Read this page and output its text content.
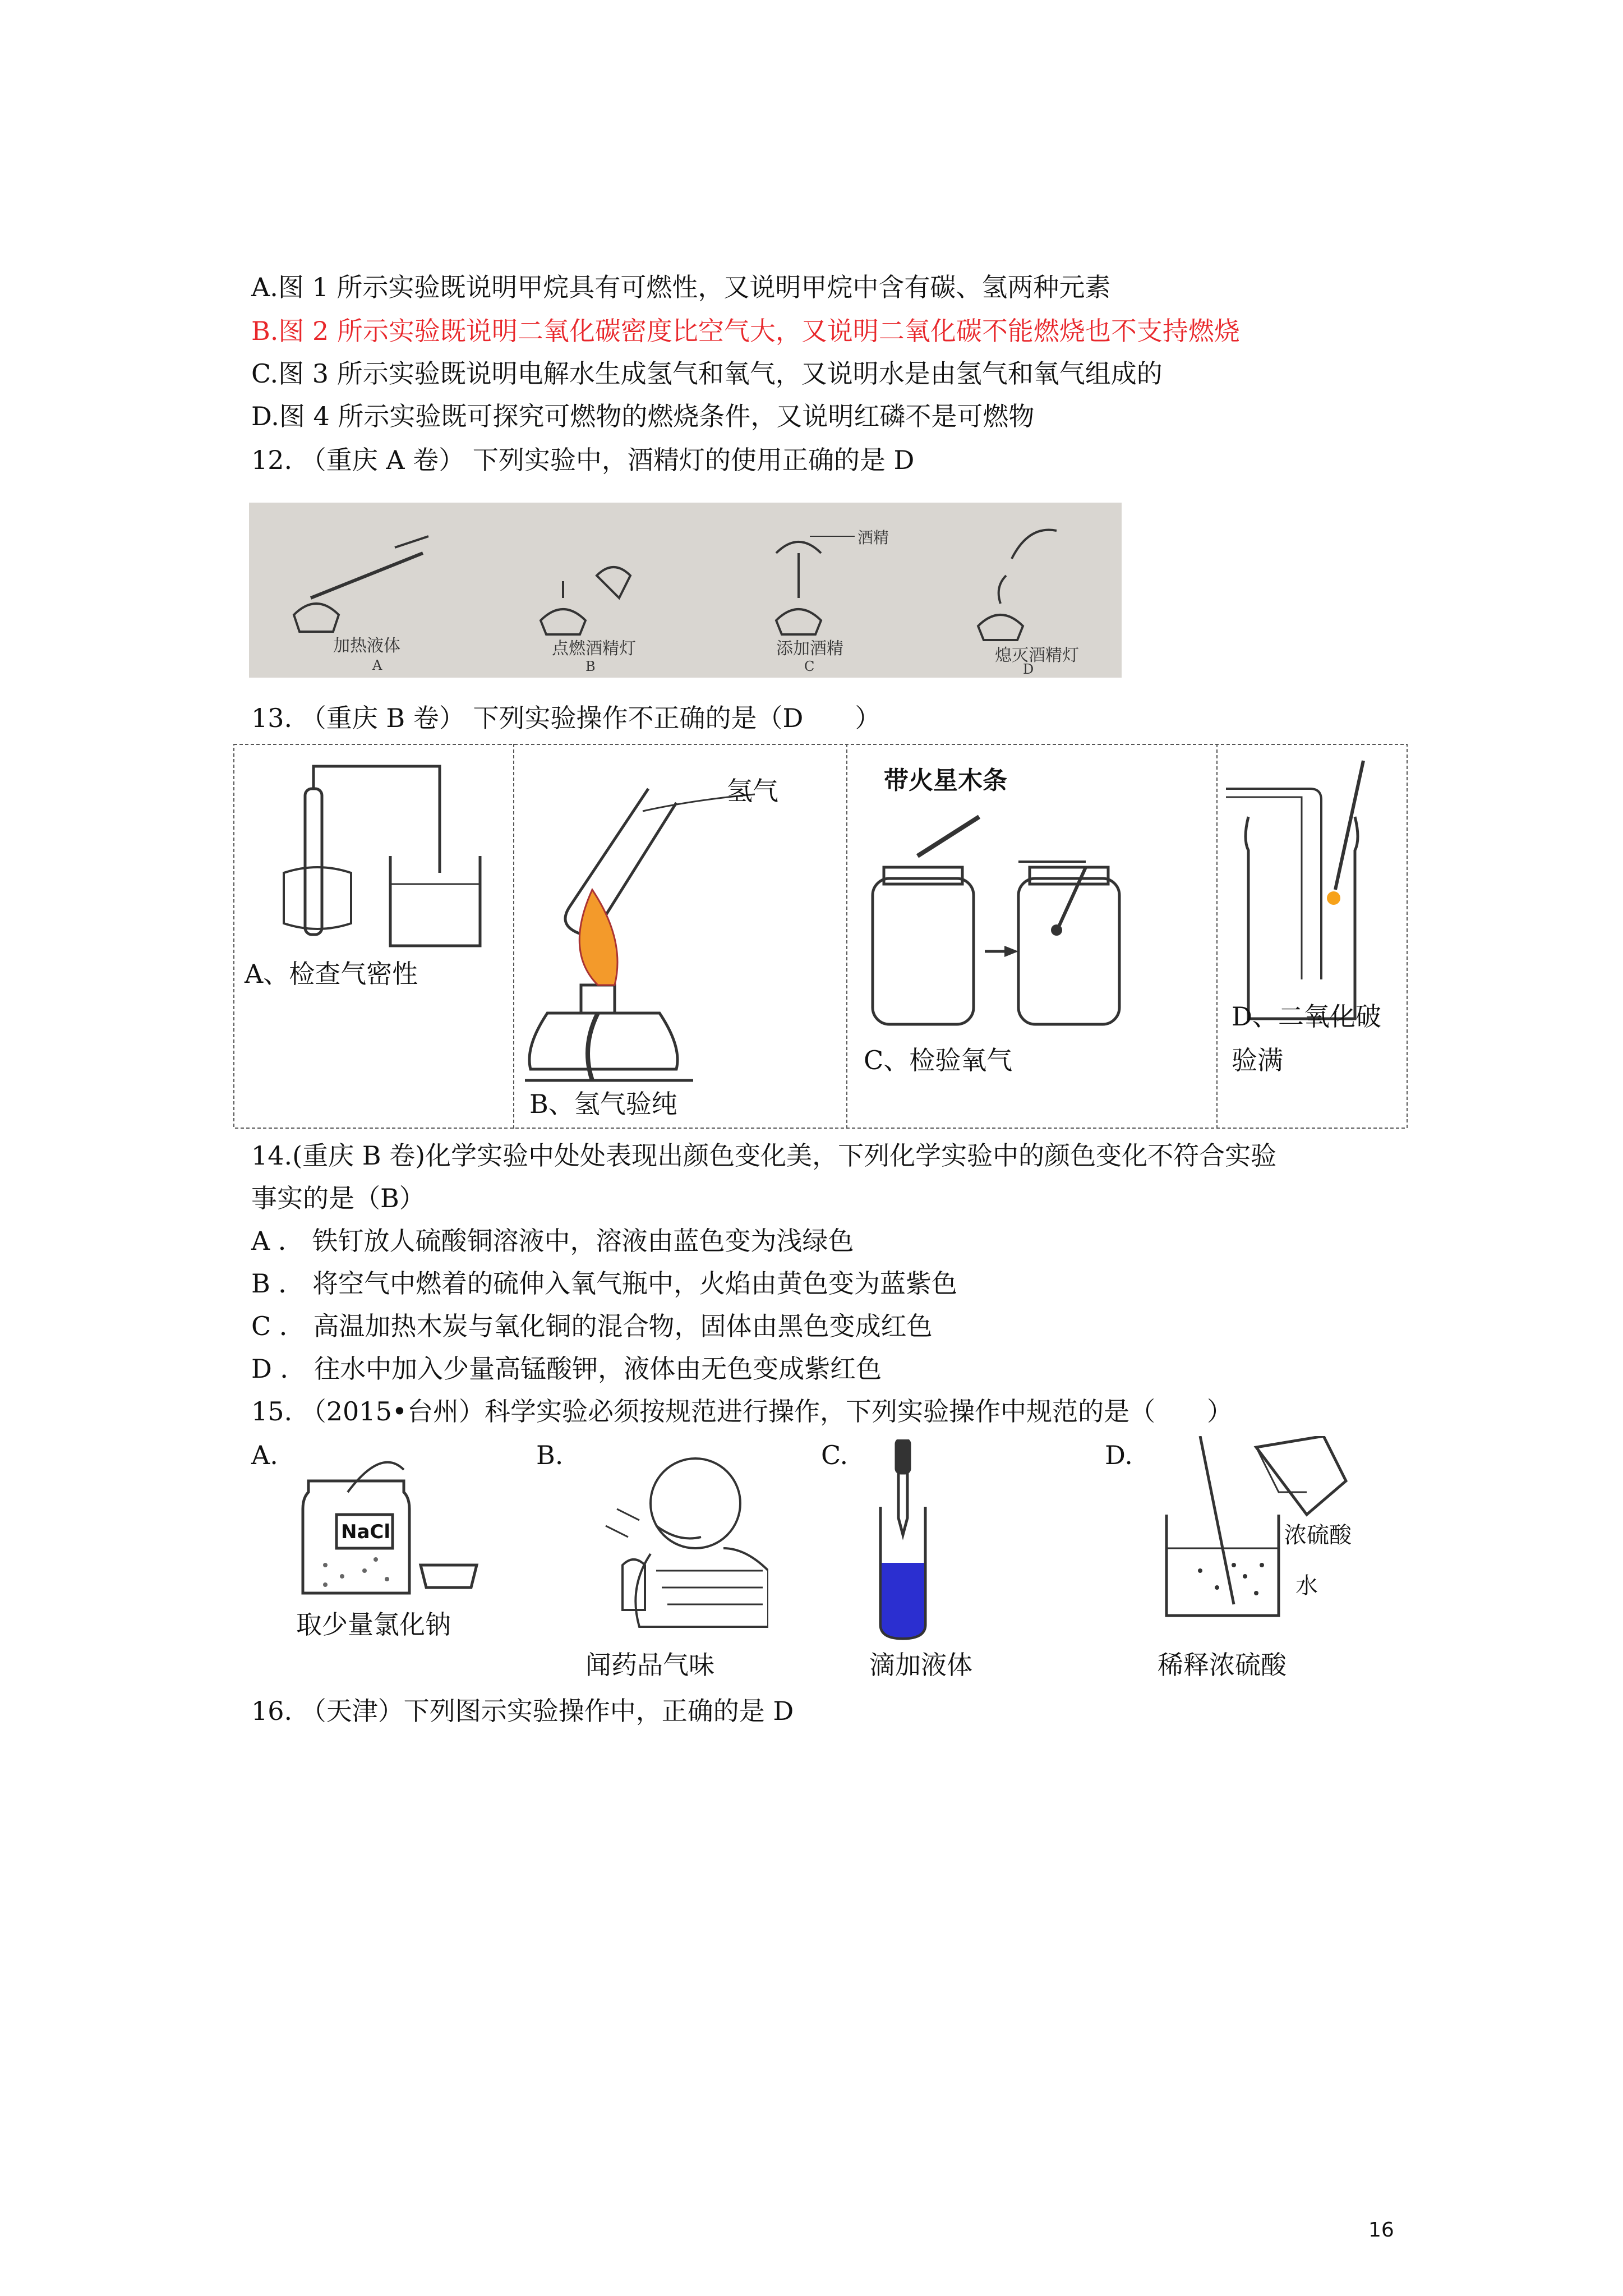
A.图 1 所示实验既说明甲烷具有可燃性，又说明甲烷中含有碳、氢两种元素
B.图 2 所示实验既说明二氧化碳密度比空气大，又说明二氧化碳不能燃烧也不支持燃烧
C.图 3 所示实验既说明电解水生成氢气和氧气，又说明水是由氢气和氧气组成的
D.图 4 所示实验既可探究可燃物的燃烧条件，又说明红磷不是可燃物
12. （重庆 A 卷） 下列实验中，酒精灯的使用正确的是 D
酒精
加热液体	点燃酒精灯	添加酒精	熄灭酒精灯
A	B	C	D
13. （重庆 B 卷） 下列实验操作不正确的是（D　　）
氢气	带火星木条
A、检查气密性
B、氢气验纯
C、检验氧气
D、二氧化破
验满
14.(重庆 B 卷)化学实验中处处表现出颜色变化美，下列化学实验中的颜色变化不符合实验
事实的是（B）
A ． 铁钉放人硫酸铜溶液中，溶液由蓝色变为浅绿色
B ． 将空气中燃着的硫伸入氧气瓶中，火焰由黄色变为蓝紫色
C ． 高温加热木炭与氧化铜的混合物，固体由黑色变成红色
D ． 往水中加入少量高锰酸钾，液体由无色变成紫红色
15. （2015•台州）科学实验必须按规范进行操作，下列实验操作中规范的是（　　）
A.	B.	C.	D.
NaCl
取少量氯化钠
闻药品气味	滴加液体
浓硫酸
水
稀释浓硫酸
16. （天津）下列图示实验操作中，正确的是 D
16
